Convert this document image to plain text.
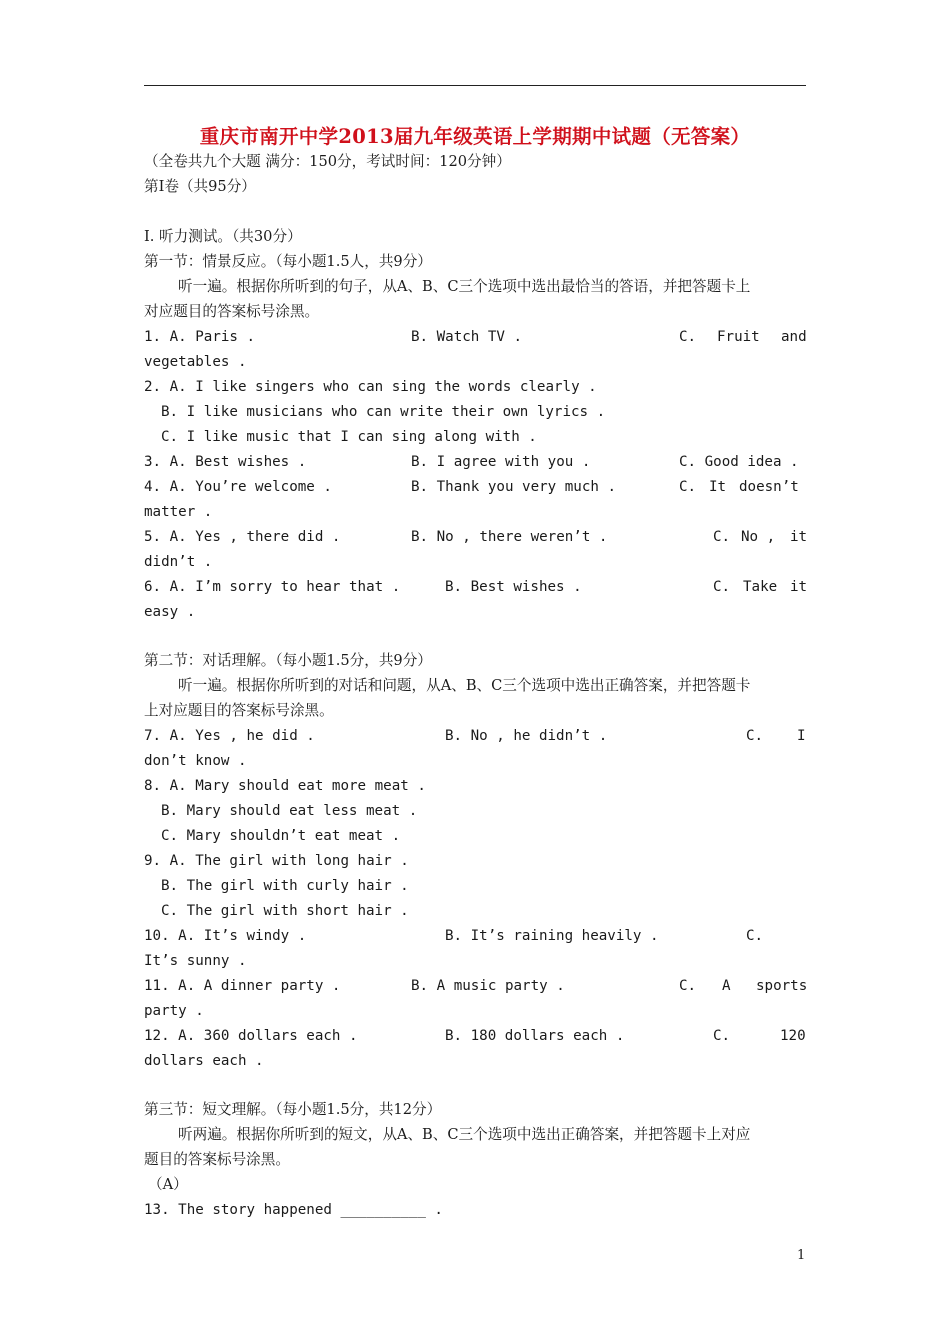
重庆市南开中学2013届九年级英语上学期期中试题（无答案）
（全卷共九个大题 满分：150分，考试时间：120分钟）
第Ⅰ卷（共95分）
Ⅰ. 听力测试。（共30分）
第一节：情景反应。（每小题1.5人，共9分）
听一遍。根据你所听到的句子，从A、B、C三个选项中选出最恰当的答语，并把答题卡上
对应题目的答案标号涂黑。
1. A. Paris .	B. Watch TV .	C. Fruit and
vegetables .
2. A. I like singers who can sing the words clearly .
B. I like musicians who can write their own lyrics .
C. I like music that I can sing along with .
3. A. Best wishes .	B. I agree with you .	C. Good idea .
4. A. You’re welcome .	B. Thank you very much .	C. It doesn’t
matter .
5. A. Yes , there did .	B. No , there weren’t .	C. No , it
didn’t .
6. A. I’m sorry to hear that .	B. Best wishes .	C. Take it
easy .
第二节：对话理解。（每小题1.5分，共9分）
听一遍。根据你所听到的对话和问题，从A、B、C三个选项中选出正确答案，并把答题卡
上对应题目的答案标号涂黑。
7. A. Yes , he did .	B. No , he didn’t .	C. I
don’t know .
8. A. Mary should eat more meat .
B. Mary should eat less meat .
C. Mary shouldn’t eat meat .
9. A. The girl with long hair .
B. The girl with curly hair .
C. The girl with short hair .
10. A. It’s windy .	B. It’s raining heavily .	C.
It’s sunny .
11. A. A dinner party .	B. A music party .	C. A sports
party .
12. A. 360 dollars each .	B. 180 dollars each .	C.	120
dollars each .
第三节：短文理解。（每小题1.5分，共12分）
听两遍。根据你所听到的短文，从A、B、C三个选项中选出正确答案，并把答题卡上对应
题目的答案标号涂黑。
（A）
13. The story happened __________ .
1
